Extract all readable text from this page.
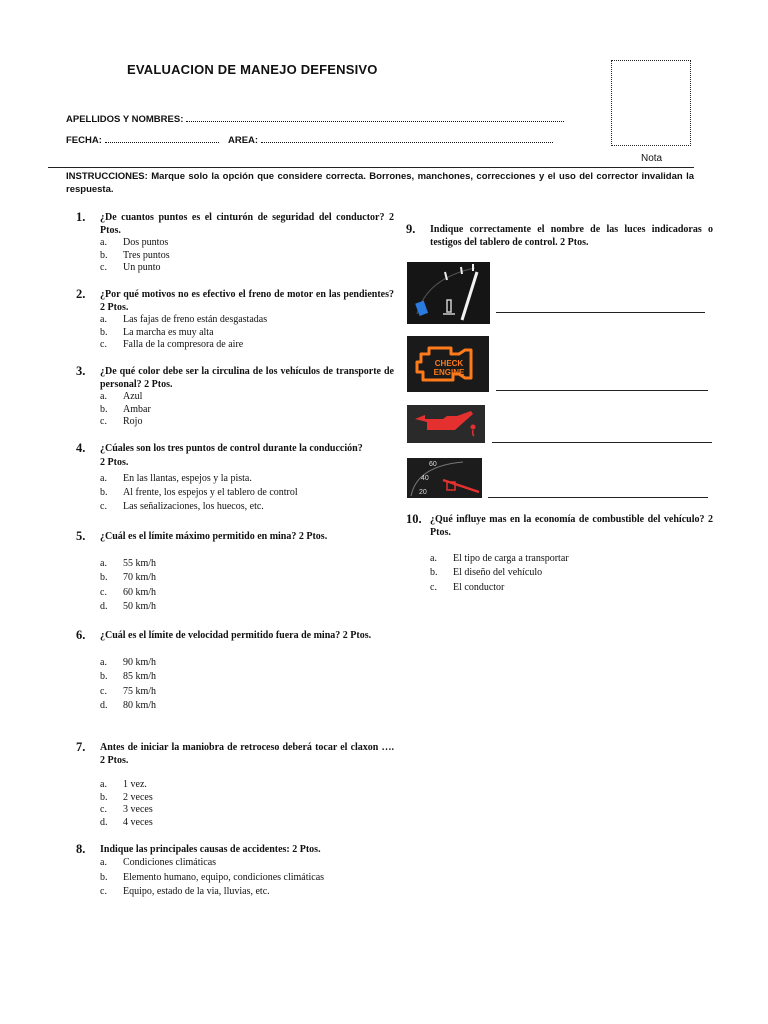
EVALUACION DE MANEJO DEFENSIVO
Nota
APELLIDOS Y NOMBRES:
FECHA:	AREA:
INSTRUCCIONES: Marque solo la opción que considere correcta. Borrones, manchones, correcciones y el uso del corrector invalidan la respuesta.
1.	¿De cuantos puntos es el cinturón de seguridad del conductor? 2 Ptos.
a.	Dos puntos
b.	Tres puntos
c.	Un punto
2.	¿Por qué motivos no es efectivo el freno de motor en las pendientes? 2 Ptos.
a.	Las fajas de freno están desgastadas
b.	La marcha es muy alta
c.	Falla de la compresora de aire
3.	¿De qué color debe ser la circulina de los vehículos de transporte de personal? 2 Ptos.
a.	Azul
b.	Ambar
c.	Rojo
4.	¿Cúales son los tres puntos de control durante la conducción? 2 Ptos.
a.	En las llantas, espejos y la pista.
b.	Al frente, los espejos y el tablero de control
c.	Las señalizaciones, los huecos, etc.
5.	¿Cuál es el límite máximo permitido en mina? 2 Ptos.
a.	55 km/h
b.	70 km/h
c.	60 km/h
d.	50 km/h
6.	¿Cuál es el límite de velocidad permitido fuera de mina? 2 Ptos.
a.	90 km/h
b.	85 km/h
c.	75 km/h
d.	80 km/h
7.	Antes de iniciar la maniobra de retroceso deberá tocar el claxon …. 2 Ptos.
a.	1 vez.
b.	2 veces
c.	3 veces
d.	4 veces
8.	Indique las principales causas de accidentes: 2 Ptos.
a.	Condiciones climáticas
b.	Elemento humano, equipo, condiciones climáticas
c.	Equipo, estado de la via, lluvias, etc.
9.	Indique correctamente el nombre de las luces indicadoras o testigos del tablero de control. 2 Ptos.
CHECK
ENGINE
60
40
20
10. ¿Qué influye mas en la economía de combustible del vehículo? 2 Ptos.
a.	El tipo de carga a transportar
b.	El diseño del vehículo
c.	El conductor
